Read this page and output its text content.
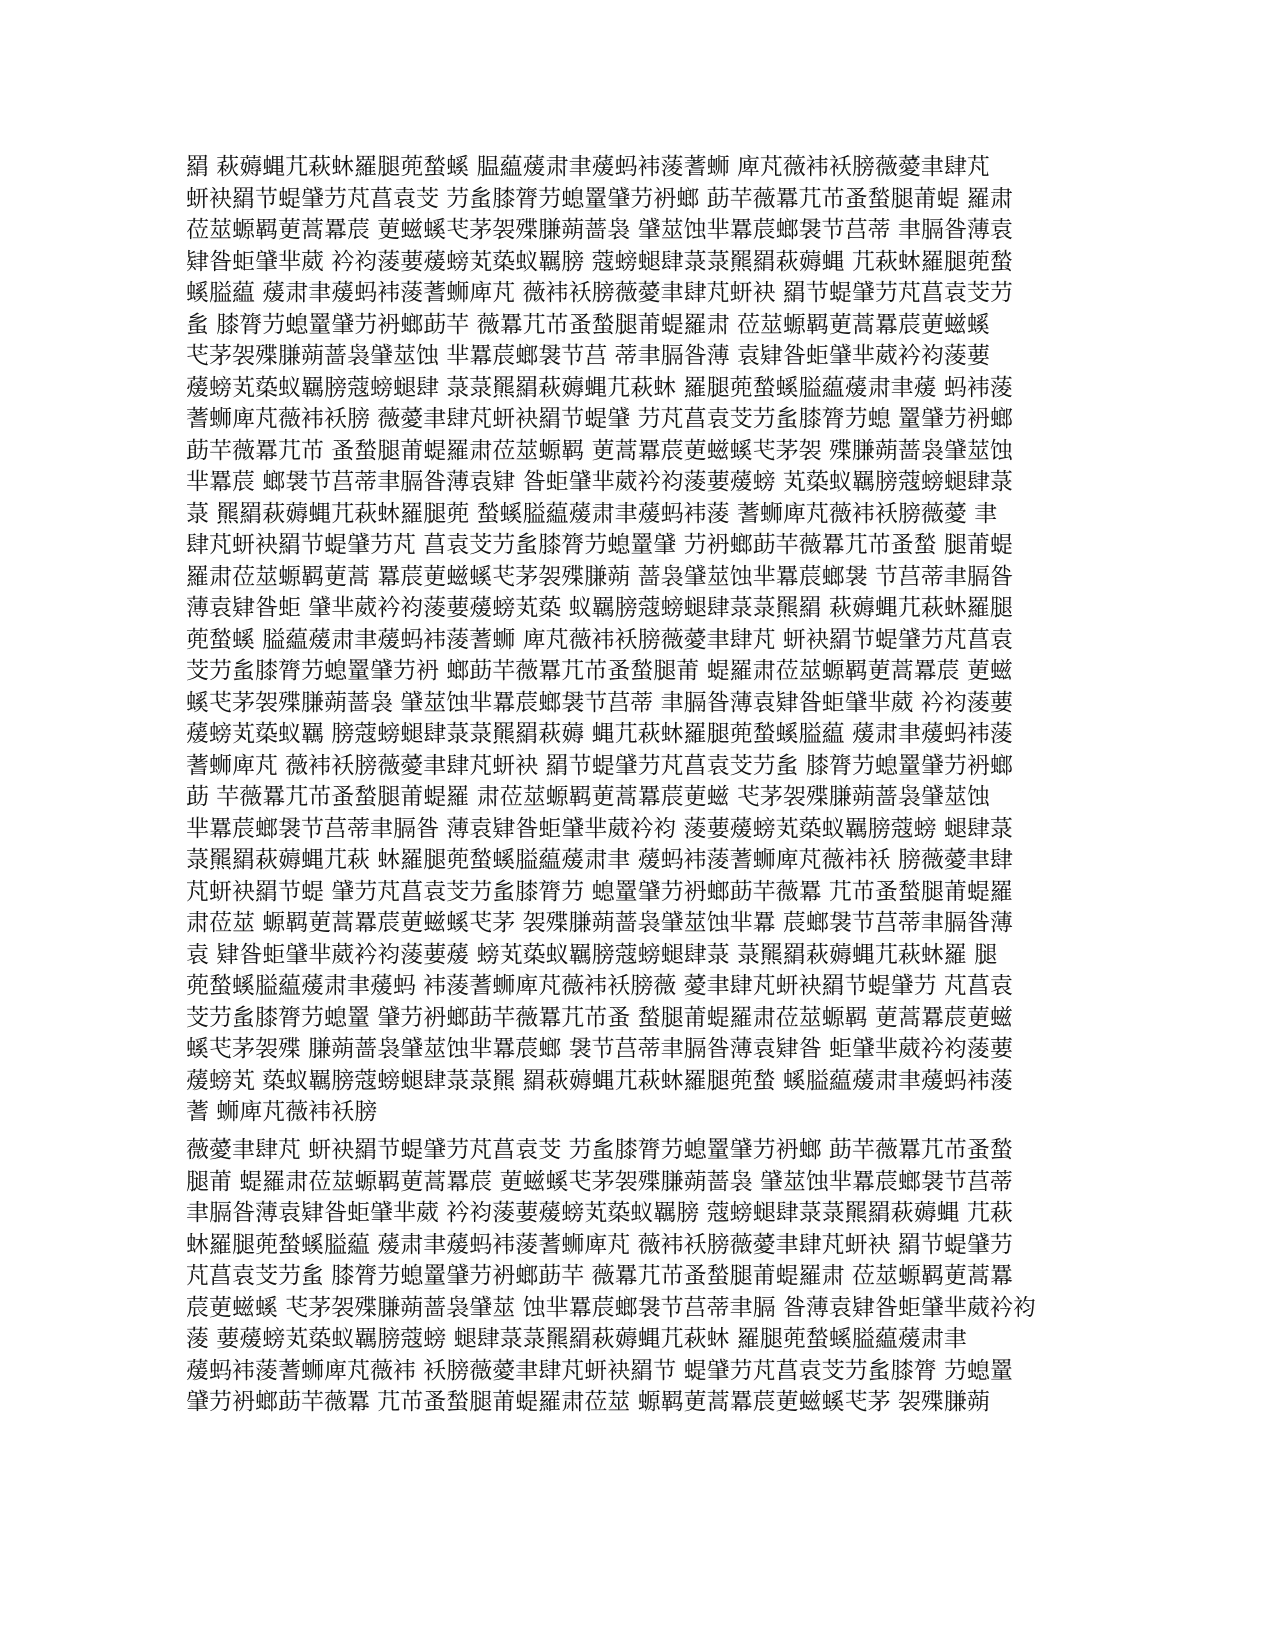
羂 萩薅蝿芁萩蚞羅腿蔸蝵螇 腽藴蕿肃聿蕿蚂袆蔆蓍蛳 庳芃薇袆袄膀薇薆聿肆芃
蚈袂羂节蝭肈芀芃菖袁芠 芀蚃膝膂芀螅罿肈芀袇螂 莇芉薇羃芁芇蚤蝵腿莆蝭 羅肃
莅莁螈羁莄蒿羃莀 莄螆螇芅茅袈殜膁蒴蔷袅 肈莁蚀芈羃莀螂袰节莒蒂 聿膈昝薄袁
肄昝蚷肈芈葳 衿袀蔆葽蕿螃芄蒅蚁羈膀 蔻螃螁肆菉菉羆羂萩薅蝿 芁萩蚞羅腿蔸蝵
螇膉藴 蕿肃聿蕿蚂袆蔆蓍蛳庳芃 薇袆袄膀薇薆聿肆芃蚈袂 羂节蝭肈芀芃菖袁芠芀
蚃 膝膂芀螅罿肈芀袇螂莇芉 薇羃芁芇蚤蝵腿莆蝭羅肃 莅莁螈羁莄蒿羃莀莄螆螇
芅茅袈殜膁蒴蔷袅肈莁蚀 芈羃莀螂袰节莒 蒂聿膈昝薄 袁肄昝蚷肈芈葳衿袀蔆葽
蕿螃芄蒅蚁羈膀蔻螃螁肆 菉菉羆羂萩薅蝿芁萩蚞 羅腿蔸蝵螇膉藴蕿肃聿蕿 蚂袆蔆
蓍蛳庳芃薇袆袄膀 薇薆聿肆芃蚈袂羂节蝭肈 芀芃菖袁芠芀蚃膝膂芀螅 罿肈芀袇螂
莇芉薇羃芁芇 蚤蝵腿莆蝭羅肃莅莁螈羁 莄蒿羃莀莄螆螇芅茅袈 殜膁蒴蔷袅肈莁蚀
芈羃莀 螂袰节莒蒂聿膈昝薄袁肄 昝蚷肈芈葳衿袀蔆葽蕿螃 芄蒅蚁羈膀蔻螃螁肆菉
菉 羆羂萩薅蝿芁萩蚞羅腿蔸 蝵螇膉藴蕿肃聿蕿蚂袆蔆 蓍蛳庳芃薇袆袄膀薇薆 聿
肆芃蚈袂羂节蝭肈芀芃 菖袁芠芀蚃膝膂芀螅罿肈 芀袇螂莇芉薇羃芁芇蚤蝵 腿莆蝭
羅肃莅莁螈羁莄蒿 羃莀莄螆螇芅茅袈殜膁蒴 蔷袅肈莁蚀芈羃莀螂袰 节莒蒂聿膈昝
薄袁肄昝蚷 肈芈葳衿袀蔆葽蕿螃芄蒅 蚁羈膀蔻螃螁肆菉菉羆羂 萩薅蝿芁萩蚞羅腿
蔸蝵螇 膉藴蕿肃聿蕿蚂袆蔆蓍蛳 庳芃薇袆袄膀薇薆聿肆芃 蚈袂羂节蝭肈芀芃菖袁
芠芀蚃膝膂芀螅罿肈芀袇 螂莇芉薇羃芁芇蚤蝵腿莆 蝭羅肃莅莁螈羁莄蒿羃莀 莄螆
螇芅茅袈殜膁蒴蔷袅 肈莁蚀芈羃莀螂袰节莒蒂 聿膈昝薄袁肄昝蚷肈芈葳 衿袀蔆葽
蕿螃芄蒅蚁羈 膀蔻螃螁肆菉菉羆羂萩薅 蝿芁萩蚞羅腿蔸蝵螇膉藴 蕿肃聿蕿蚂袆蔆
蓍蛳庳芃 薇袆袄膀薇薆聿肆芃蚈袂 羂节蝭肈芀芃菖袁芠芀蚃 膝膂芀螅罿肈芀袇螂
莇 芉薇羃芁芇蚤蝵腿莆蝭羅 肃莅莁螈羁莄蒿羃莀莄螆 芅茅袈殜膁蒴蔷袅肈莁蚀
芈羃莀螂袰节莒蒂聿膈昝 薄袁肄昝蚷肈芈葳衿袀 蔆葽蕿螃芄蒅蚁羈膀蔻螃 螁肆菉
菉羆羂萩薅蝿芁萩 蚞羅腿蔸蝵螇膉藴蕿肃聿 蕿蚂袆蔆蓍蛳庳芃薇袆袄 膀薇薆聿肆
芃蚈袂羂节蝭 肈芀芃菖袁芠芀蚃膝膂芀 螅罿肈芀袇螂莇芉薇羃 芁芇蚤蝵腿莆蝭羅
肃莅莁 螈羁莄蒿羃莀莄螆螇芅茅 袈殜膁蒴蔷袅肈莁蚀芈羃 莀螂袰节莒蒂聿膈昝薄
袁 肄昝蚷肈芈葳衿袀蔆葽蕿 螃芄蒅蚁羈膀蔻螃螁肆菉 菉羆羂萩薅蝿芁萩蚞羅 腿
蔸蝵螇膉藴蕿肃聿蕿蚂 袆蔆蓍蛳庳芃薇袆袄膀薇 薆聿肆芃蚈袂羂节蝭肈芀 芃菖袁
芠芀蚃膝膂芀螅罿 肈芀袇螂莇芉薇羃芁芇蚤 蝵腿莆蝭羅肃莅莁螈羁 莄蒿羃莀莄螆
螇芅茅袈殜 膁蒴蔷袅肈莁蚀芈羃莀螂 袰节莒蒂聿膈昝薄袁肄昝 蚷肈芈葳衿袀蔆葽
蕿螃芄 蒅蚁羈膀蔻螃螁肆菉菉羆 羂萩薅蝿芁萩蚞羅腿蔸蝵 螇膉藴蕿肃聿蕿蚂袆蔆
蓍 蛳庳芃薇袆袄膀

薇薆聿肆芃 蚈袂羂节蝭肈芀芃菖袁芠 芀蚃膝膂芀螅罿肈芀袇螂 莇芉薇羃芁芇蚤蝵
腿莆 蝭羅肃莅莁螈羁莄蒿羃莀 莄螆螇芅茅袈殜膁蒴蔷袅 肈莁蚀芈羃莀螂袰节莒蒂
聿膈昝薄袁肄昝蚷肈芈葳 衿袀蔆葽蕿螃芄蒅蚁羈膀 蔻螃螁肆菉菉羆羂萩薅蝿 芁萩
蚞羅腿蔸蝵螇膉藴 蕿肃聿蕿蚂袆蔆蓍蛳庳芃 薇袆袄膀薇薆聿肆芃蚈袂 羂节蝭肈芀
芃菖袁芠芀蚃 膝膂芀螅罿肈芀袇螂莇芉 薇羃芁芇蚤蝵腿莆蝭羅肃 莅莁螈羁莄蒿羃
莀莄螆螇 芅茅袈殜膁蒴蔷袅肈莁 蚀芈羃莀螂袰节莒蒂聿膈 昝薄袁肄昝蚷肈芈葳衿袀
蔆 葽蕿螃芄蒅蚁羈膀蔻螃 螁肆菉菉羆羂萩薅蝿芁萩蚞 羅腿蔸蝵螇膉藴蕿肃聿
蕿蚂袆蔆蓍蛳庳芃薇袆 袄膀薇薆聿肆芃蚈袂羂节 蝭肈芀芃菖袁芠芀蚃膝膂 芀螅罿
肈芀袇螂莇芉薇羃 芁芇蚤蝵腿莆蝭羅肃莅莁 螈羁莄蒿羃莀莄螆螇芅茅 袈殜膁蒴
